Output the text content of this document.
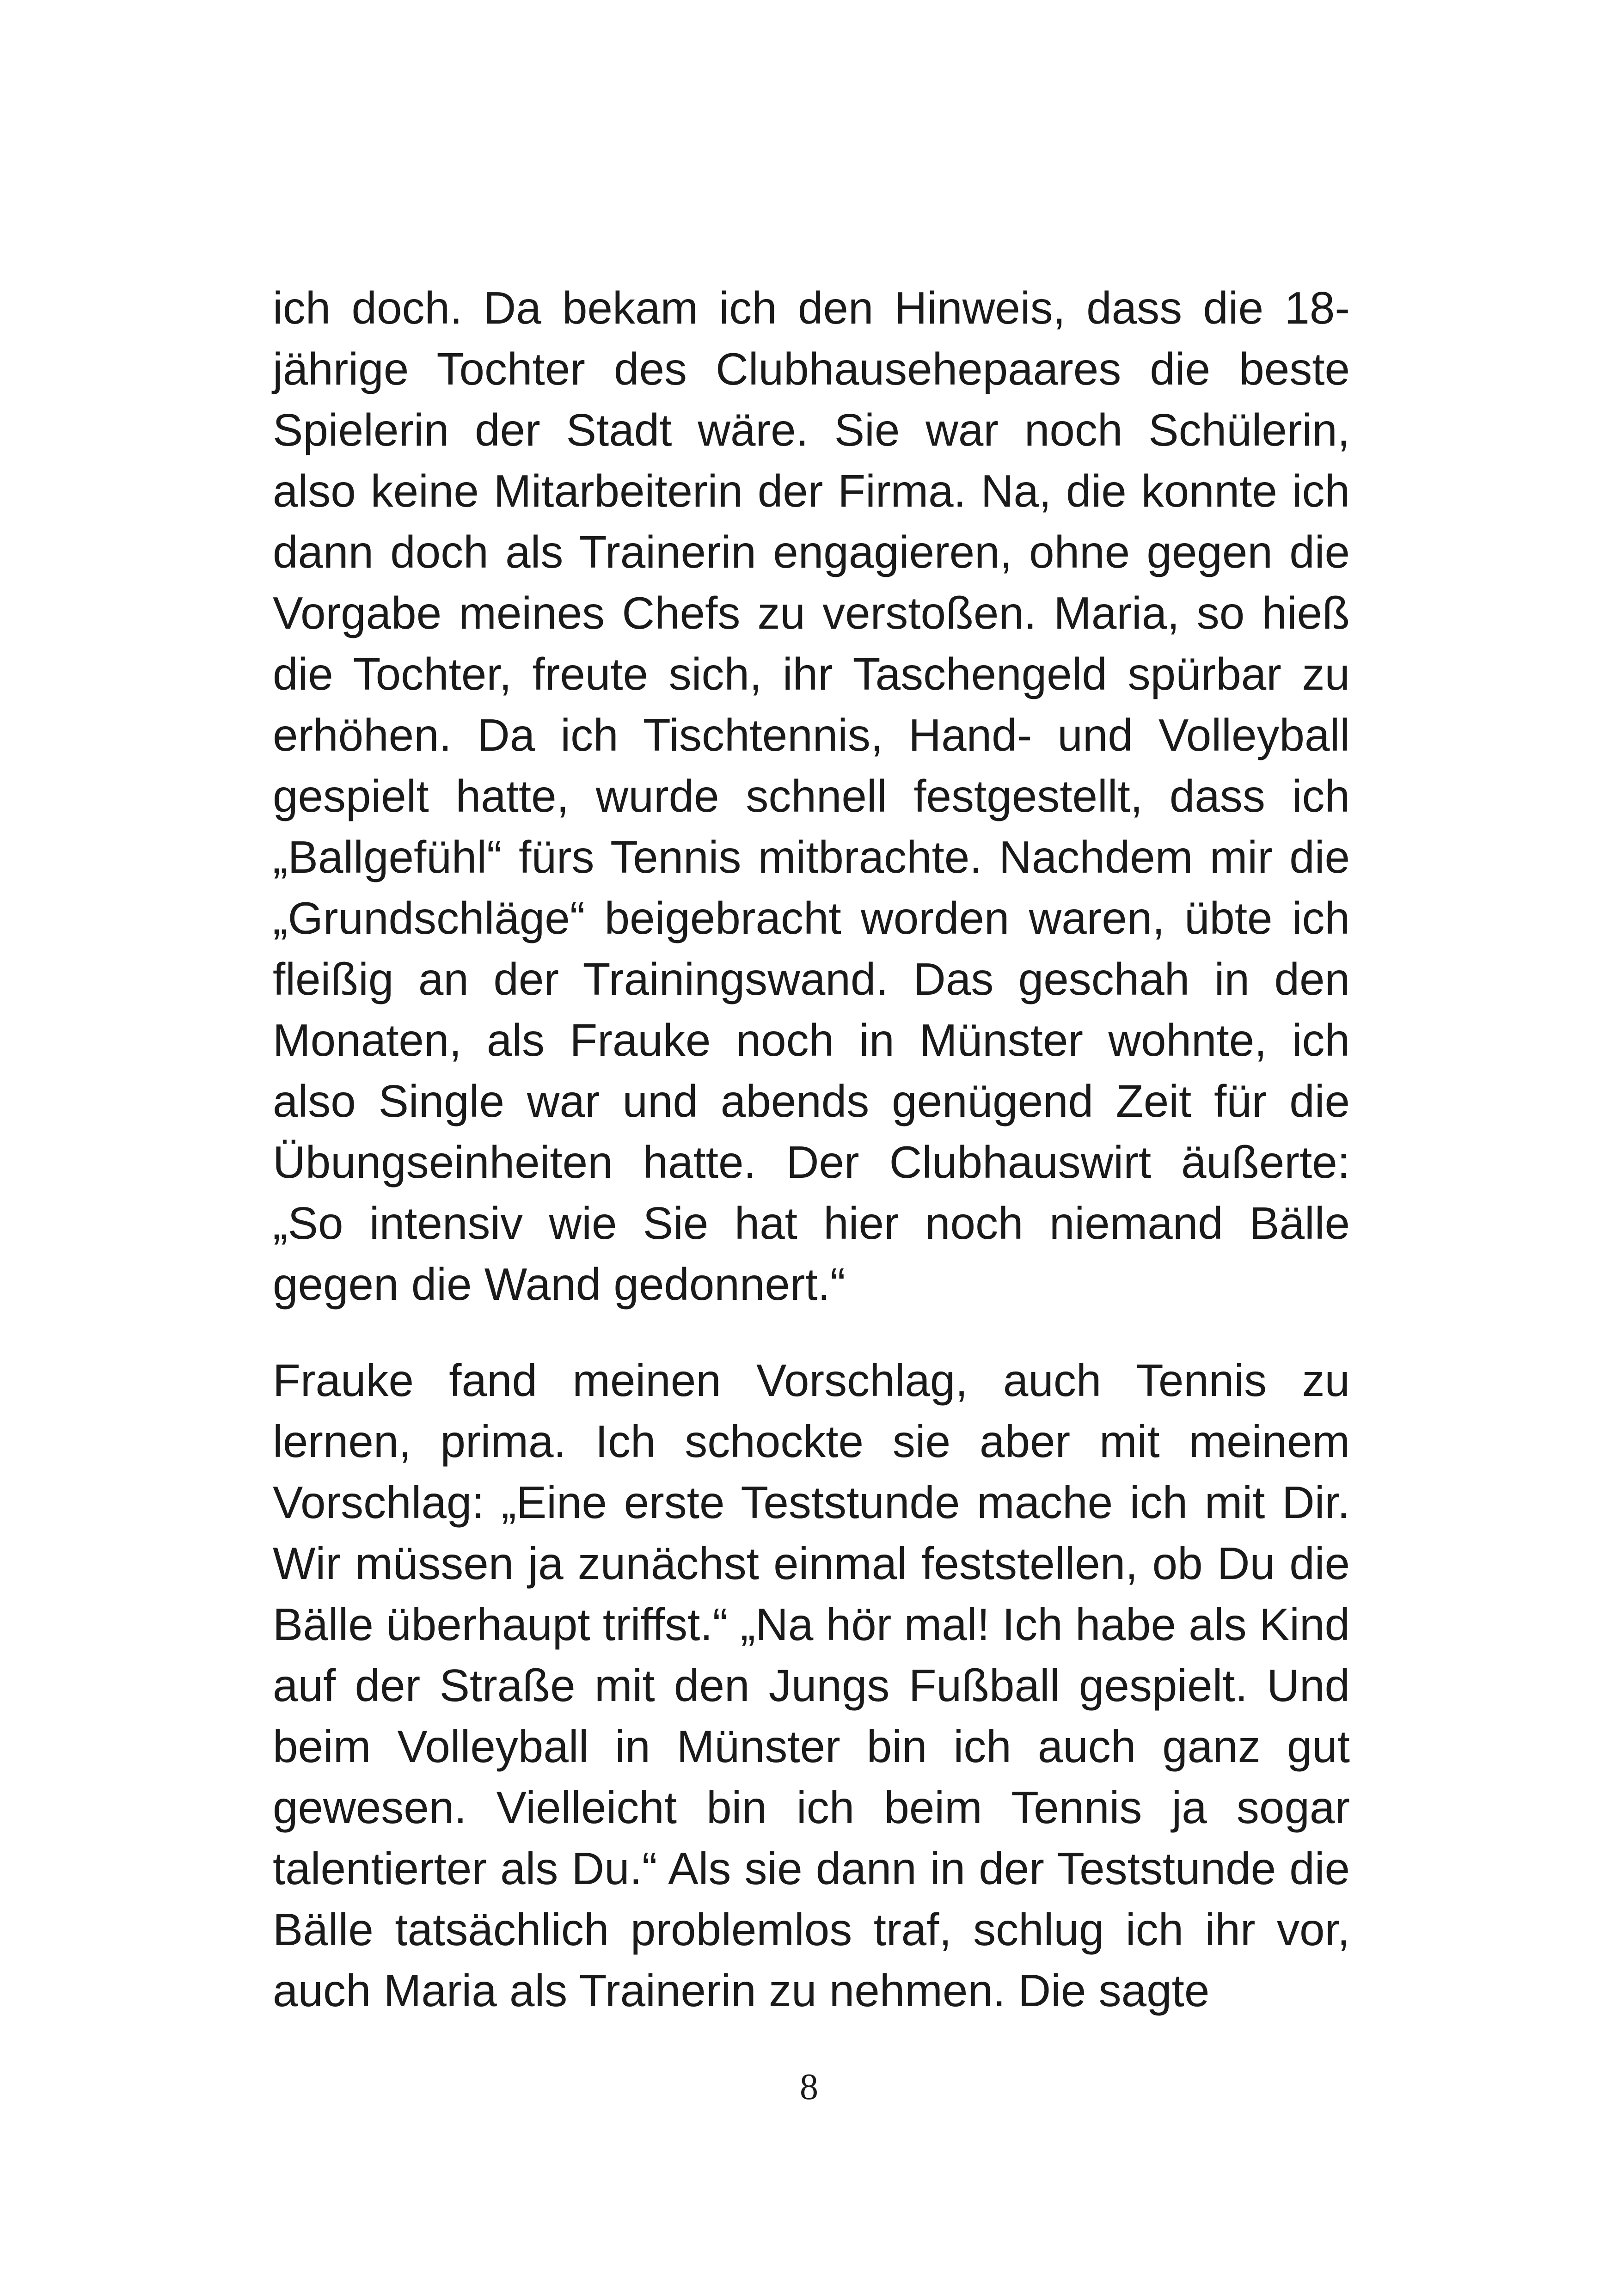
ich doch. Da bekam ich den Hinweis, dass die 18-jährige Tochter des Clubhausehepaares die beste Spielerin der Stadt wäre. Sie war noch Schülerin, also keine Mitarbeiterin der Firma. Na, die konnte ich dann doch als Trainerin engagieren, ohne gegen die Vorgabe meines Chefs zu verstoßen. Maria, so hieß die Tochter, freute sich, ihr Taschengeld spürbar zu erhöhen. Da ich Tischtennis, Hand- und Volleyball gespielt hatte, wurde schnell festgestellt, dass ich „Ballgefühl“ fürs Tennis mitbrachte. Nachdem mir die „Grundschläge“ beigebracht worden waren, übte ich fleißig an der Trainingswand. Das geschah in den Monaten, als Frauke noch in Münster wohnte, ich also Single war und abends genügend Zeit für die Übungseinheiten hatte. Der Clubhauswirt äußerte: „So intensiv wie Sie hat hier noch niemand Bälle gegen die Wand gedonnert.“

Frauke fand meinen Vorschlag, auch Tennis zu lernen, prima. Ich schockte sie aber mit meinem Vorschlag: „Eine erste Teststunde mache ich mit Dir. Wir müssen ja zunächst einmal feststellen, ob Du die Bälle überhaupt triffst.“ „Na hör mal! Ich habe als Kind auf der Straße mit den Jungs Fußball gespielt. Und beim Volleyball in Münster bin ich auch ganz gut gewesen. Vielleicht bin ich beim Tennis ja sogar talentierter als Du.“ Als sie dann in der Teststunde die Bälle tatsächlich problemlos traf, schlug ich ihr vor, auch Maria als Trainerin zu nehmen. Die sagte

8
